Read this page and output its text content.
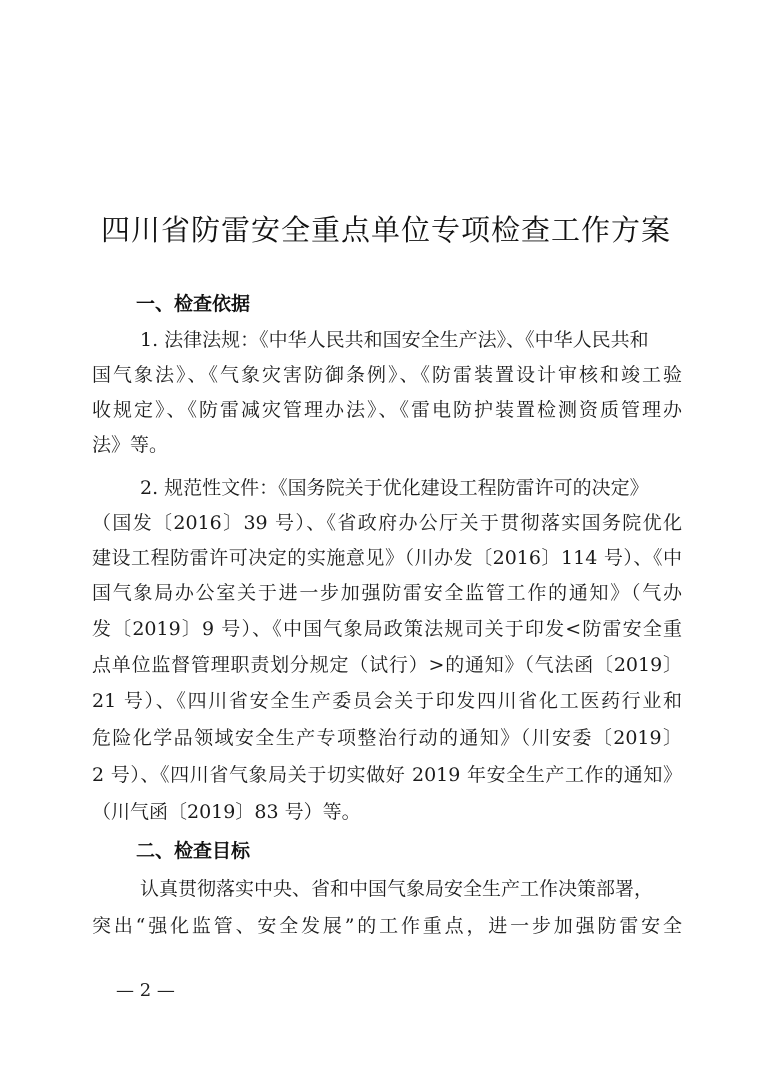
四川省防雷安全重点单位专项检查工作方案
一、检查依据
1. 法律法规：《中华人民共和国安全生产法》、《中华人民共和
国气象法》、《气象灾害防御条例》、《防雷装置设计审核和竣工验
收规定》、《防雷减灾管理办法》、《雷电防护装置检测资质管理办
法》等。
2. 规范性文件：《国务院关于优化建设工程防雷许可的决定》
（国发〔2016〕39 号）、《省政府办公厅关于贯彻落实国务院优化
建设工程防雷许可决定的实施意见》（川办发〔2016〕114 号）、《中
国气象局办公室关于进一步加强防雷安全监管工作的通知》（气办
发〔2019〕9 号）、《中国气象局政策法规司关于印发<防雷安全重
点单位监督管理职责划分规定（试行）>的通知》（气法函〔2019〕
21 号）、《四川省安全生产委员会关于印发四川省化工医药行业和
危险化学品领域安全生产专项整治行动的通知》（川安委〔2019〕
2 号）、《四川省气象局关于切实做好 2019 年安全生产工作的通知》
（川气函〔2019〕83 号）等。
二、检查目标
认真贯彻落实中央、省和中国气象局安全生产工作决策部署，
突出“强化监管、安全发展”的工作重点，进一步加强防雷安全
— 2 —
